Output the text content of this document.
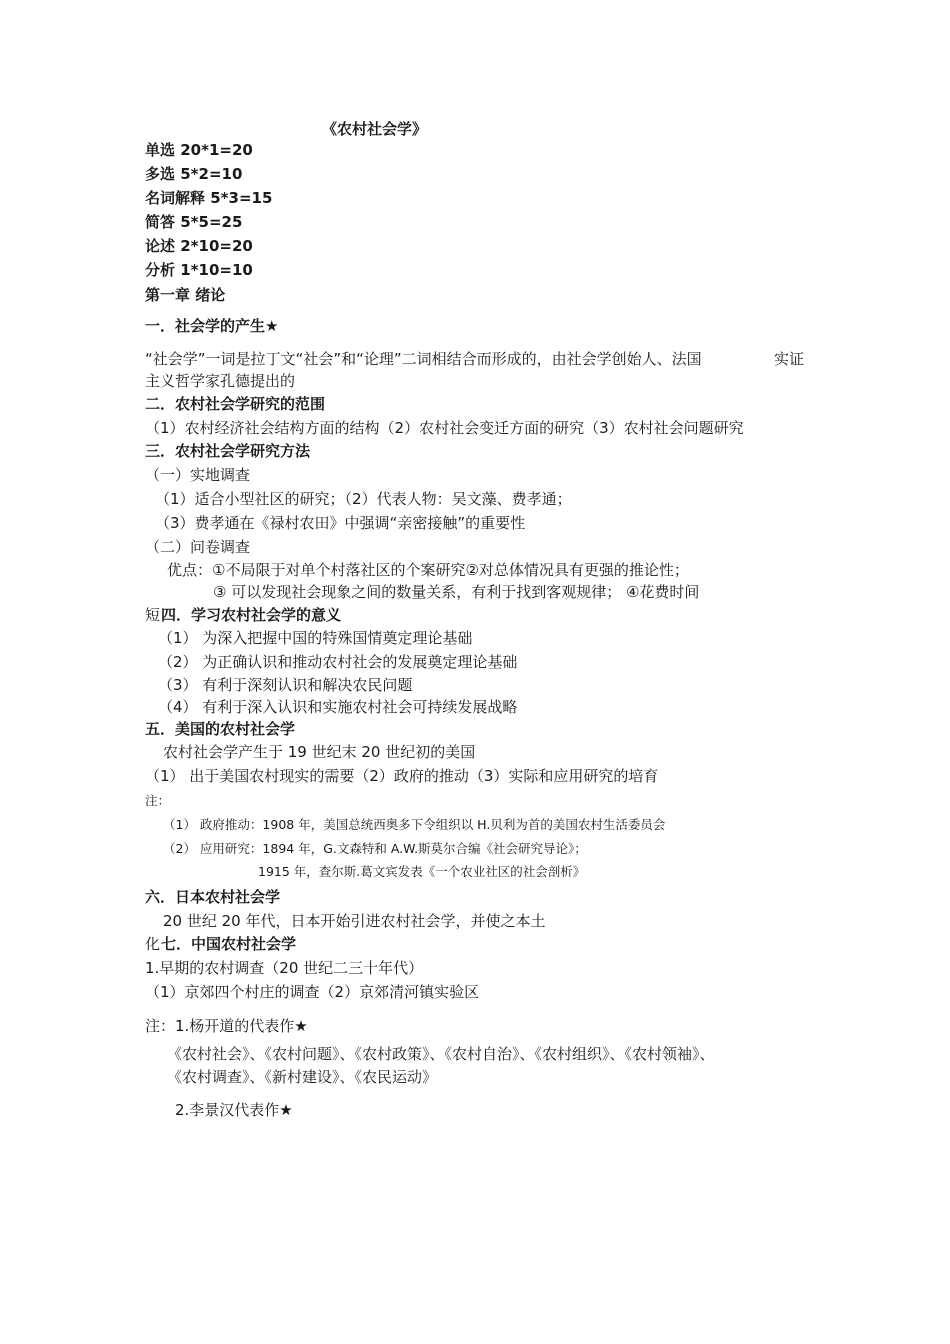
《农村社会学》
单选 20*1=20
多选 5*2=10
名词解释 5*3=15
简答 5*5=25
论述 2*10=20
分析 1*10=10
第一章 绪论
一．社会学的产生★
“社会学”一词是拉丁文“社会”和“论理”二词相结合而形成的，由社会学创始人、法国	实证
主义哲学家孔德提出的
二．农村社会学研究的范围
（1）农村经济社会结构方面的结构（2）农村社会变迁方面的研究（3）农村社会问题研究
三．农村社会学研究方法
（一）实地调查
（1）适合小型社区的研究；（2）代表人物：吴文藻、费孝通；
（3）费孝通在《禄村农田》中强调“亲密接触”的重要性
（二）问卷调查
优点：①不局限于对单个村落社区的个案研究②对总体情况具有更强的推论性；
③ 可以发现社会现象之间的数量关系，有利于找到客观规律； ④花费时间
短 四．学习农村社会学的意义
（1） 为深入把握中国的特殊国情奠定理论基础
（2） 为正确认识和推动农村社会的发展奠定理论基础
（3） 有利于深刻认识和解决农民问题
（4） 有利于深入认识和实施农村社会可持续发展战略
五．美国的农村社会学
农村社会学产生于 19 世纪末 20 世纪初的美国
（1） 出于美国农村现实的需要（2）政府的推动（3）实际和应用研究的培育
注：
（1） 政府推动：1908 年，美国总统西奥多下令组织以 H.贝利为首的美国农村生活委员会
（2） 应用研究：1894 年，G.文森特和 A.W.斯莫尔合编《社会研究导论》；
1915 年，查尔斯.葛文宾发表《一个农业社区的社会剖析》
六．日本农村社会学
20 世纪 20 年代，日本开始引进农村社会学，并使之本土
化 七．中国农村社会学
1.早期的农村调查（20 世纪二三十年代）
（1）京郊四个村庄的调查（2）京郊清河镇实验区
注：1.杨开道的代表作★
《农村社会》、《农村问题》、《农村政策》、《农村自治》、《农村组织》、《农村领袖》、
《农村调查》、《新村建设》、《农民运动》
2.李景汉代表作★
